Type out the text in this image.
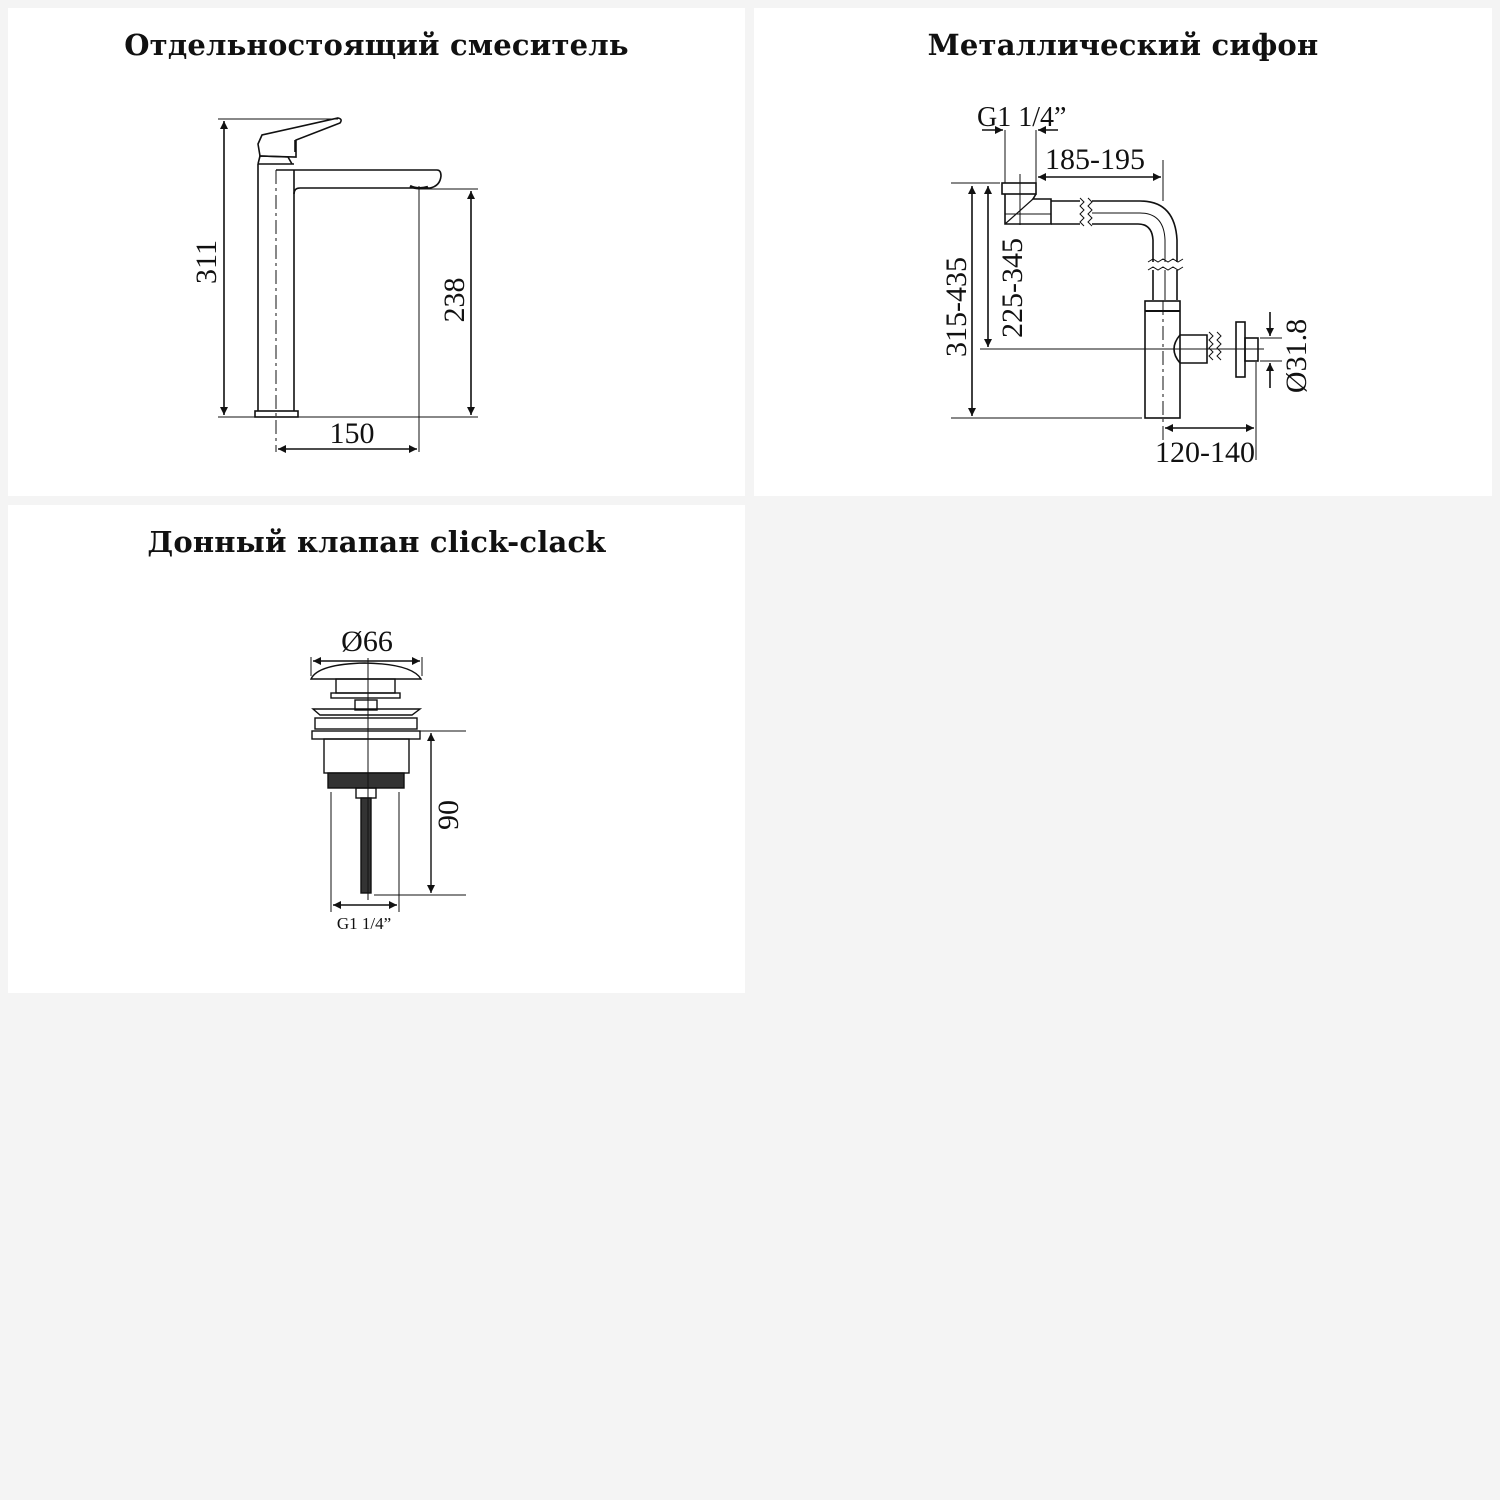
Отдельностоящий смеситель
311
238
150
Металлический сифон
G1 1/4”
185-195
315-435 225-345
Ø31.8
120-140
Донный клапан click-clack
Ø66
90
G1 1/4”
